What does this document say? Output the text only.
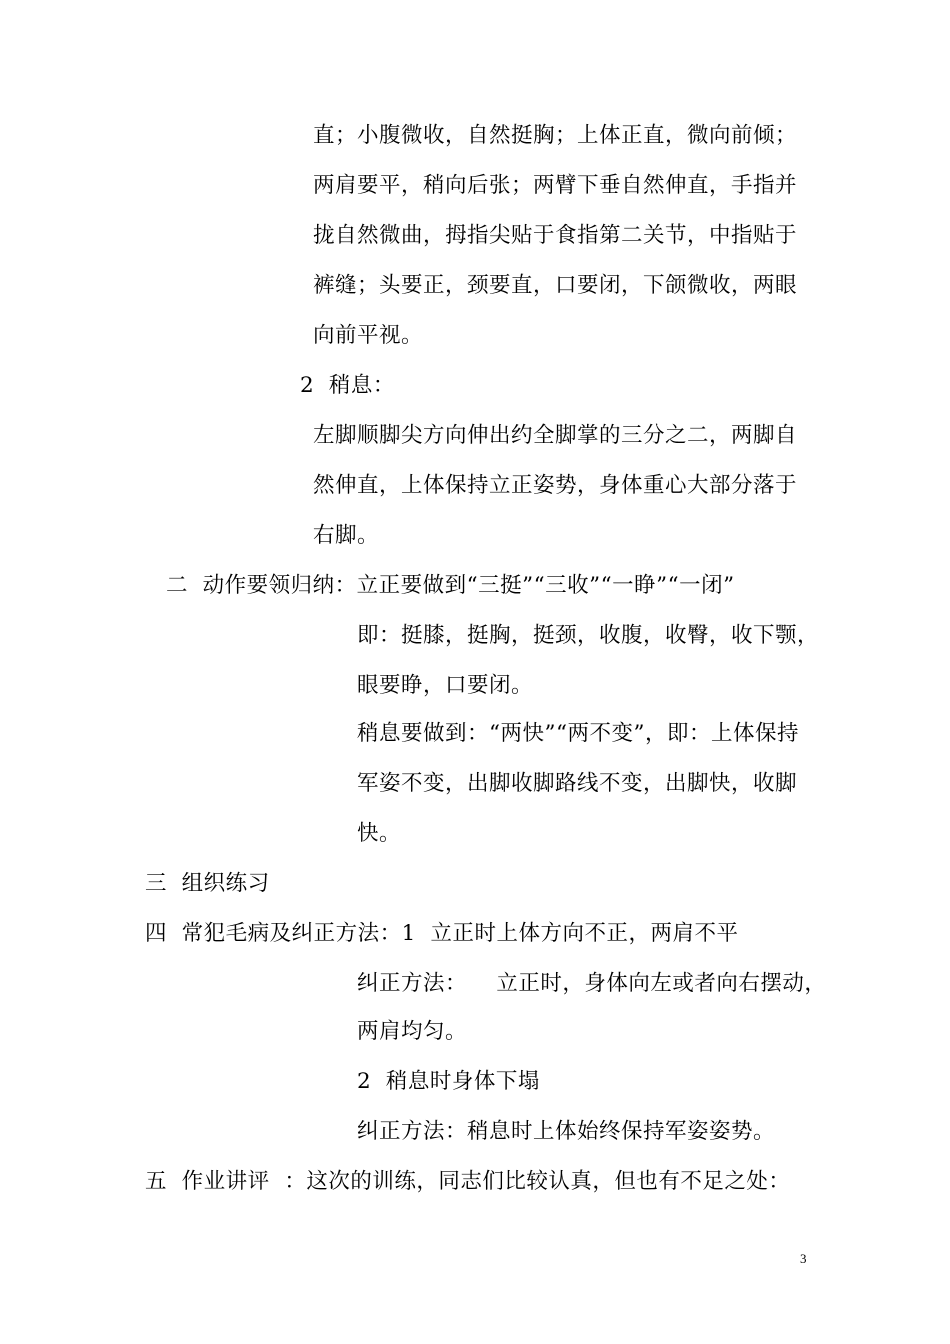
直；小腹微收，自然挺胸；上体正直，微向前倾；
两肩要平，稍向后张；两臂下垂自然伸直，手指并
拢自然微曲，拇指尖贴于食指第二关节，中指贴于
裤缝；头要正，颈要直，口要闭，下颌微收，两眼
向前平视。
2  稍息：
左脚顺脚尖方向伸出约全脚掌的三分之二，两脚自
然伸直，上体保持立正姿势，身体重心大部分落于
右脚。
二  动作要领归纳：立正要做到“三挺”“三收”“一睁”“一闭”
即：挺膝，挺胸，挺颈，收腹，收臀，收下颚，
眼要睁，口要闭。
稍息要做到：“两快”“两不变”，即：上体保持
军姿不变，出脚收脚路线不变，出脚快，收脚
快。
三  组织练习
四  常犯毛病及纠正方法：1  立正时上体方向不正，两肩不平
纠正方法：    立正时，身体向左或者向右摆动，
两肩均匀。
2  稍息时身体下塌
纠正方法：稍息时上体始终保持军姿姿势。
五  作业讲评  ：这次的训练，同志们比较认真，但也有不足之处：
3
